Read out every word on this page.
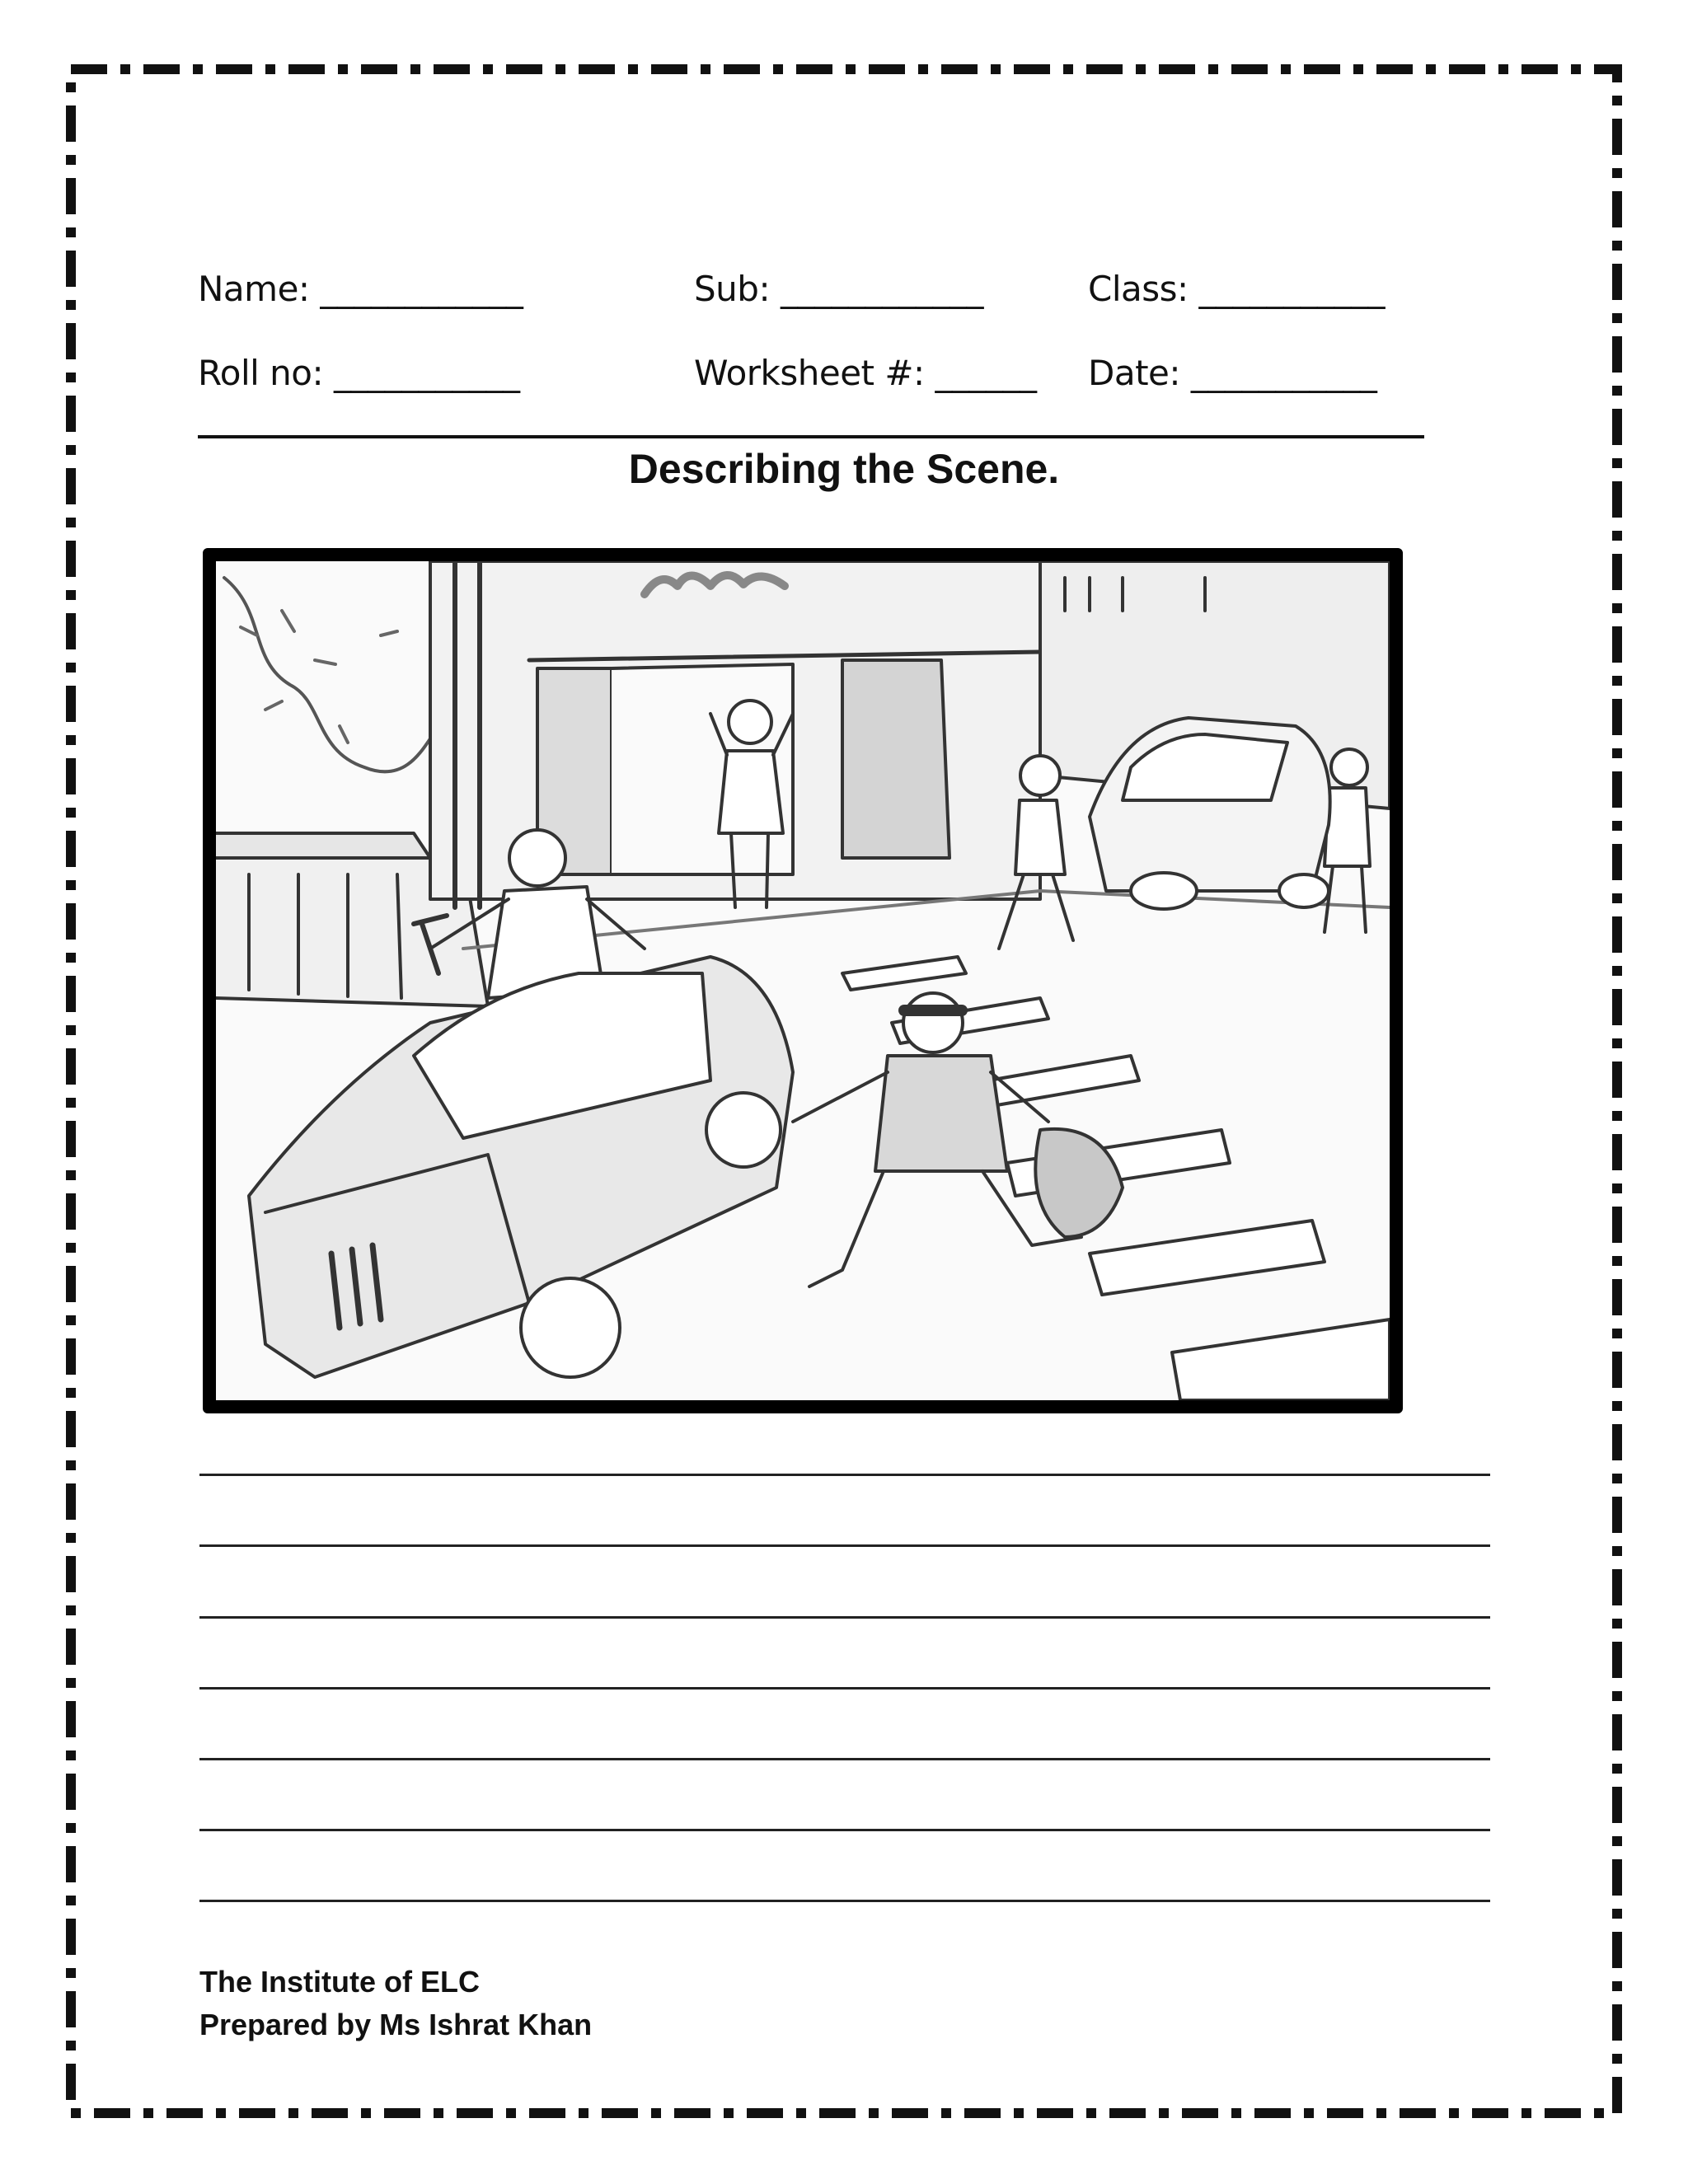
Name: ____________	Sub: ____________	Class: ___________
Roll no: ___________	Worksheet #: ______ Date: ___________
Describing the Scene.
The Institute of ELC
Prepared by Ms Ishrat Khan
